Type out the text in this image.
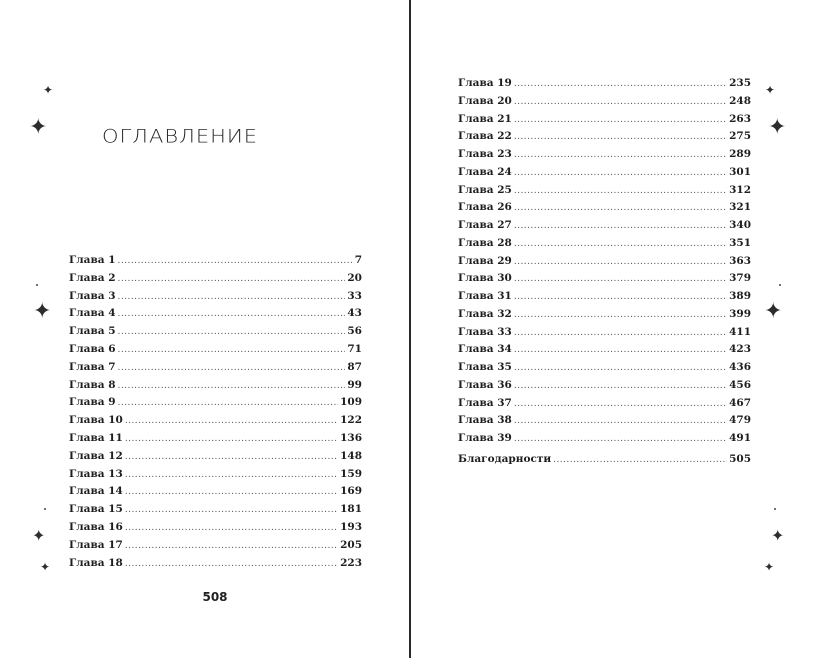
ОГЛАВЛЕНИЕ
Глава 1 . . .	7
Глава 2 . . .	20
Глава 3 . . .	33
Глава 4 . . .	43
Глава 5 . . .	56
Глава 6 . . .	71
Глава 7 . . .	87
Глава 8 . . .	99
Глава 9 . . .	109
Глава 10 . . .	122
Глава 11 . . .	136
Глава 12 . . .	148
Глава 13 . . .	159
Глава 14 . . .	169
Глава 15 . . .	181
Глава 16 . . .	193
Глава 17 . . .	205
Глава 18 . . .	223
Глава 19 . . .	235
Глава 20 . . .	248
Глава 21 . . .	263
Глава 22 . . .	275
Глава 23 . . .	289
Глава 24 . . .	301
Глава 25 . . .	312
Глава 26 . . .	321
Глава 27 . . .	340
Глава 28 . . .	351
Глава 29 . . .	363
Глава 30 . . .	379
Глава 31 . . .	389
Глава 32 . . .	399
Глава 33 . . .	411
Глава 34 . . .	423
Глава 35 . . .	436
Глава 36 . . .	456
Глава 37 . . .	467
Глава 38 . . .	479
Глава 39 . . .	491
Благодарности . . .	505
508
✦
✦
✦
✦
✦
✦
✦
✦
✦
✦
